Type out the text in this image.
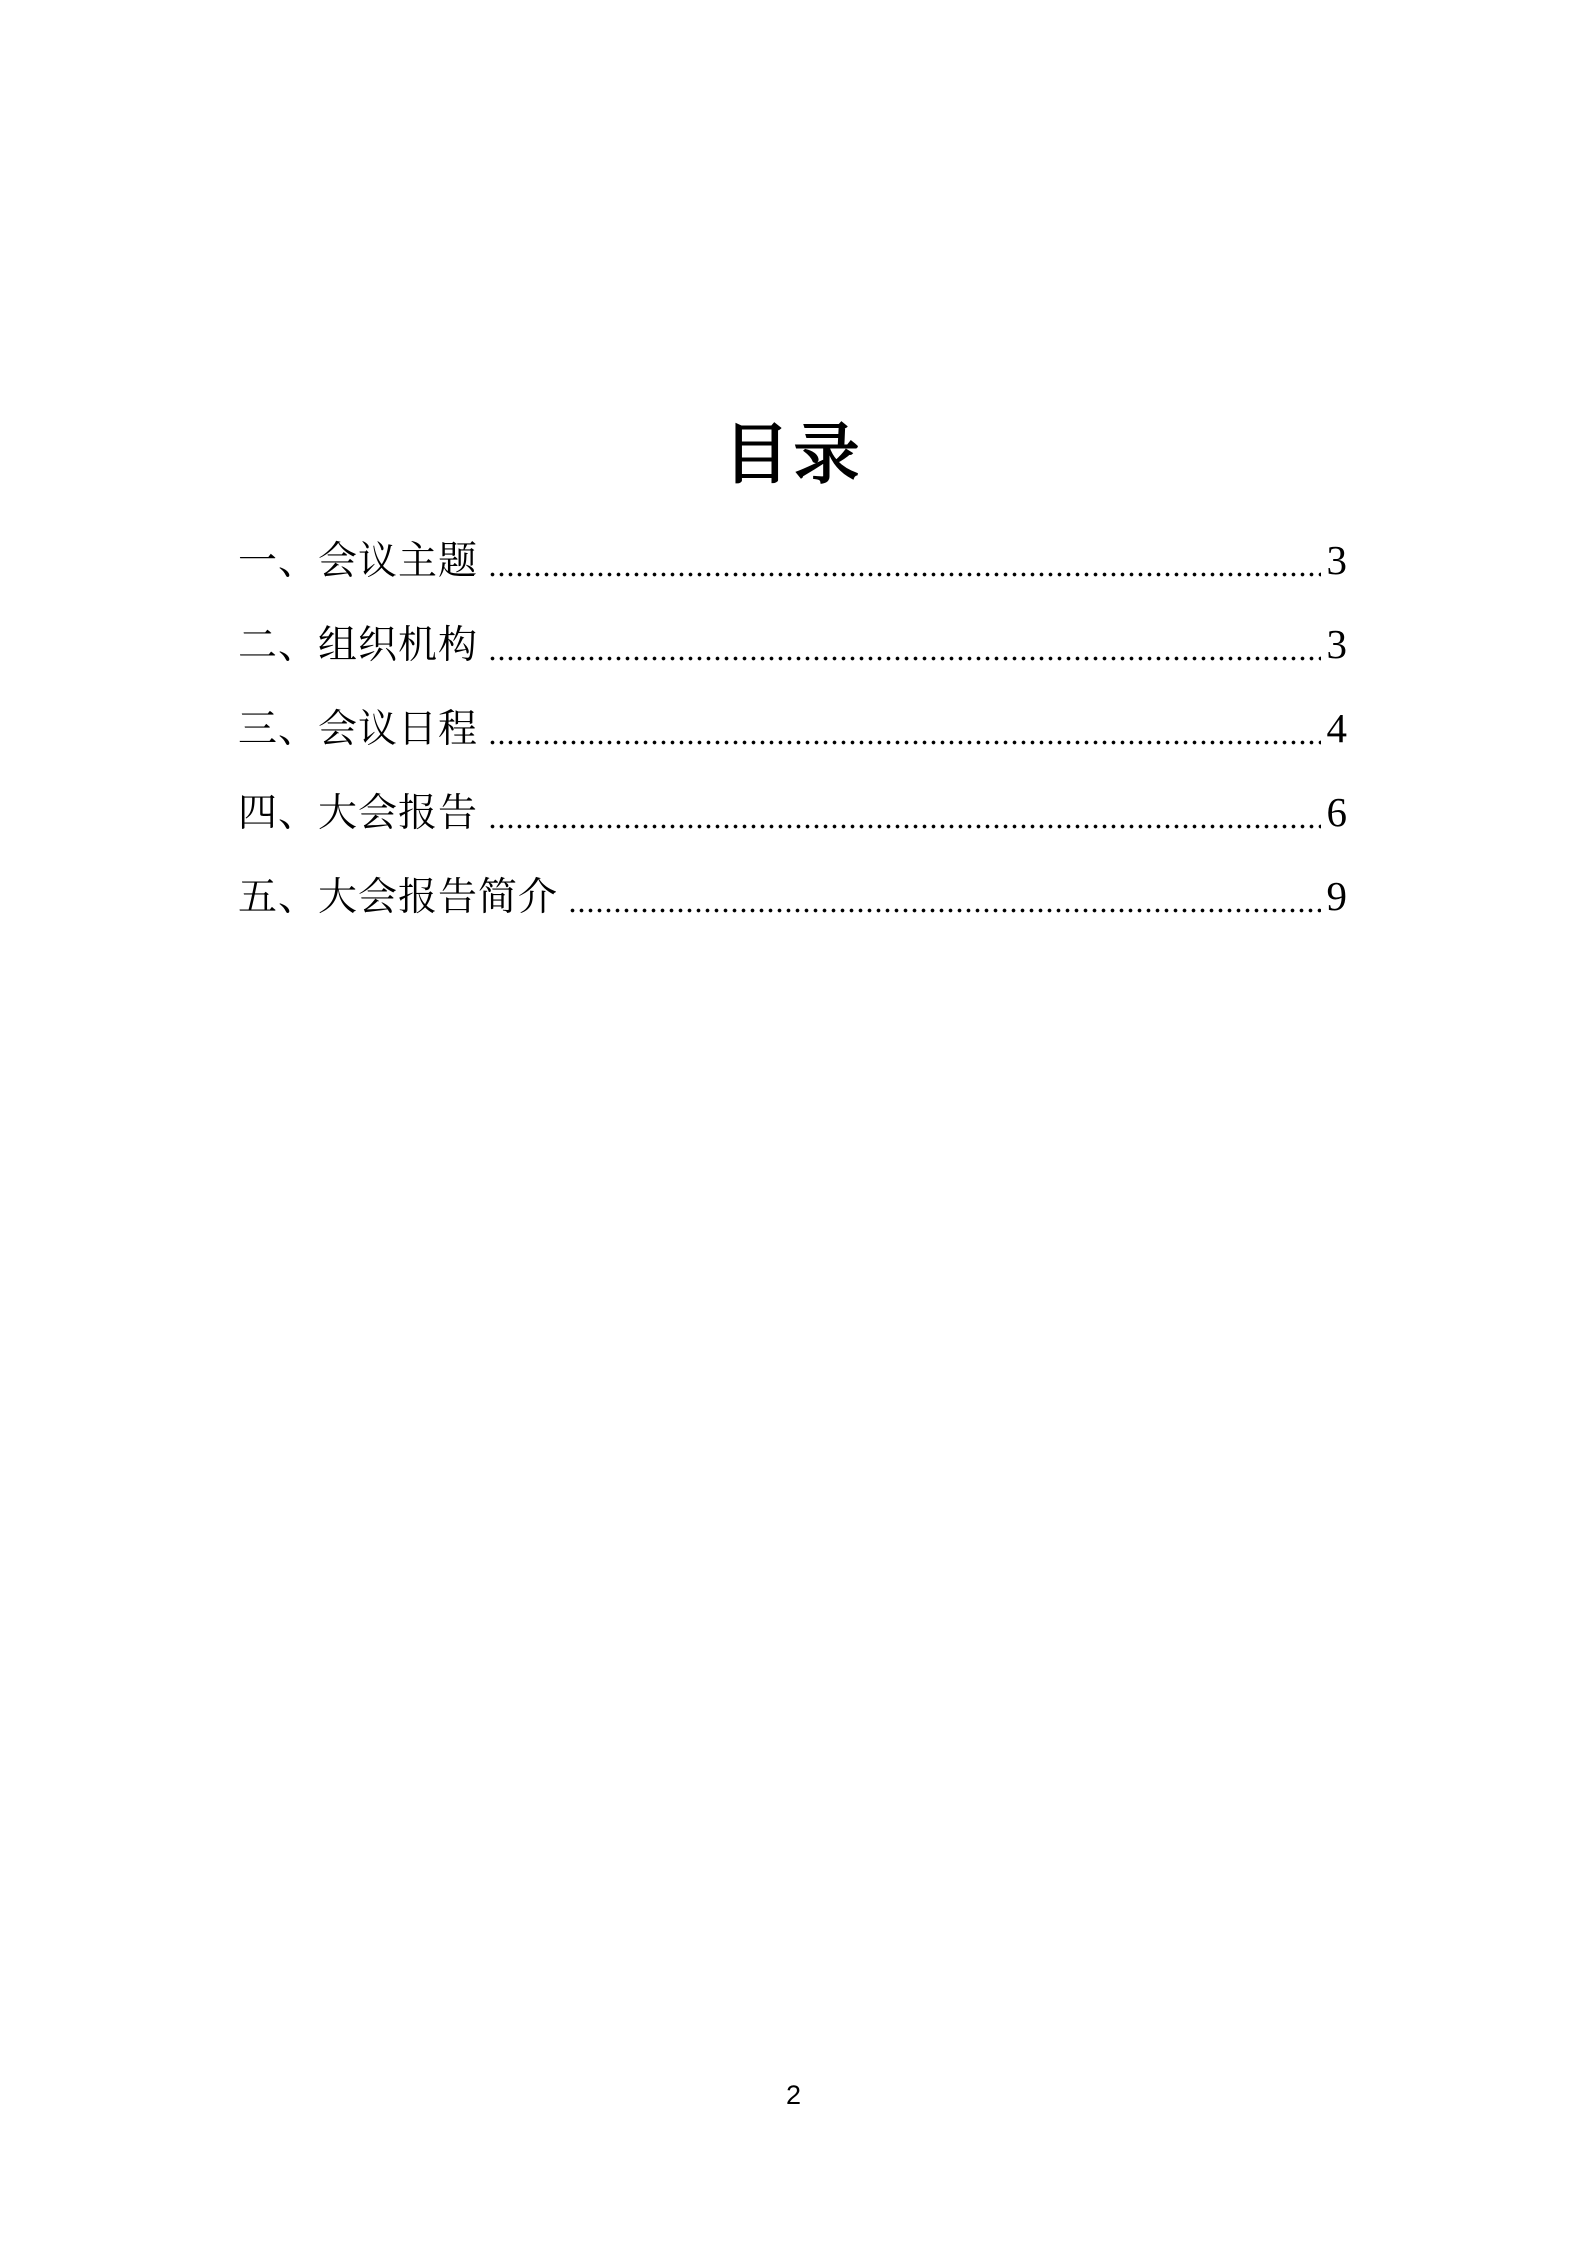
目录
一、会议主题	3
二、组织机构	3
三、会议日程	4
四、大会报告	6
五、大会报告简介	9
2
